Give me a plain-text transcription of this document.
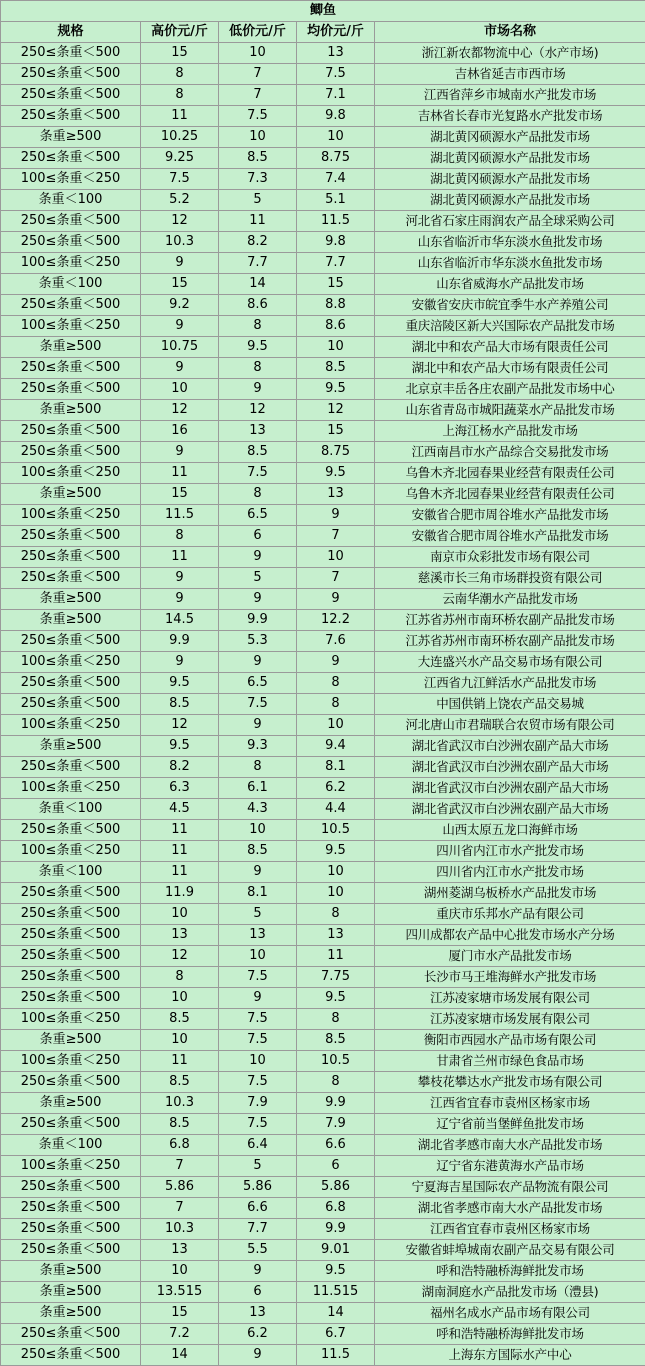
鲫鱼				
规格	高价元/斤	低价元/斤	均价元/斤	市场名称
250≤条重＜500	15	10	13	浙江新农都物流中心（水产市场)
250≤条重＜500	8	7	7.5	吉林省延吉市西市场
250≤条重＜500	8	7	7.1	江西省萍乡市城南水产批发市场
250≤条重＜500	11	7.5	9.8	吉林省长春市光复路水产批发市场
条重≥500	10.25	10	10	湖北黄冈硕源水产品批发市场
250≤条重＜500	9.25	8.5	8.75	湖北黄冈硕源水产品批发市场
100≤条重＜250	7.5	7.3	7.4	湖北黄冈硕源水产品批发市场
条重＜100	5.2	5	5.1	湖北黄冈硕源水产品批发市场
250≤条重＜500	12	11	11.5	河北省石家庄雨润农产品全球采购公司
250≤条重＜500	10.3	8.2	9.8	山东省临沂市华东淡水鱼批发市场
100≤条重＜250	9	7.7	7.7	山东省临沂市华东淡水鱼批发市场
条重＜100	15	14	15	山东省威海水产品批发市场
250≤条重＜500	9.2	8.6	8.8	安徽省安庆市皖宜季牛水产养殖公司
100≤条重＜250	9	8	8.6	重庆涪陵区新大兴国际农产品批发市场
条重≥500	10.75	9.5	10	湖北中和农产品大市场有限责任公司
250≤条重＜500	9	8	8.5	湖北中和农产品大市场有限责任公司
250≤条重＜500	10	9	9.5	北京京丰岳各庄农副产品批发市场中心
条重≥500	12	12	12	山东省青岛市城阳蔬菜水产品批发市场
250≤条重＜500	16	13	15	上海江杨水产品批发市场
250≤条重＜500	9	8.5	8.75	江西南昌市水产品综合交易批发市场
100≤条重＜250	11	7.5	9.5	乌鲁木齐北园春果业经营有限责任公司
条重≥500	15	8	13	乌鲁木齐北园春果业经营有限责任公司
100≤条重＜250	11.5	6.5	9	安徽省合肥市周谷堆水产品批发市场
250≤条重＜500	8	6	7	安徽省合肥市周谷堆水产品批发市场
250≤条重＜500	11	9	10	南京市众彩批发市场有限公司
250≤条重＜500	9	5	7	慈溪市长三角市场群投资有限公司
条重≥500	9	9	9	云南华潮水产品批发市场
条重≥500	14.5	9.9	12.2	江苏省苏州市南环桥农副产品批发市场
250≤条重＜500	9.9	5.3	7.6	江苏省苏州市南环桥农副产品批发市场
100≤条重＜250	9	9	9	大连盛兴水产品交易市场有限公司
250≤条重＜500	9.5	6.5	8	江西省九江鲜活水产品批发市场
250≤条重＜500	8.5	7.5	8	中国供销上饶农产品交易城
100≤条重＜250	12	9	10	河北唐山市君瑞联合农贸市场有限公司
条重≥500	9.5	9.3	9.4	湖北省武汉市白沙洲农副产品大市场
250≤条重＜500	8.2	8	8.1	湖北省武汉市白沙洲农副产品大市场
100≤条重＜250	6.3	6.1	6.2	湖北省武汉市白沙洲农副产品大市场
条重＜100	4.5	4.3	4.4	湖北省武汉市白沙洲农副产品大市场
250≤条重＜500	11	10	10.5	山西太原五龙口海鲜市场
100≤条重＜250	11	8.5	9.5	四川省内江市水产批发市场
条重＜100	11	9	10	四川省内江市水产批发市场
250≤条重＜500	11.9	8.1	10	湖州菱湖乌板桥水产品批发市场
250≤条重＜500	10	5	8	重庆市乐邦水产品有限公司
250≤条重＜500	13	13	13	四川成都农产品中心批发市场水产分场
250≤条重＜500	12	10	11	厦门市水产品批发市场
250≤条重＜500	8	7.5	7.75	长沙市马王堆海鲜水产批发市场
250≤条重＜500	10	9	9.5	江苏凌家塘市场发展有限公司
100≤条重＜250	8.5	7.5	8	江苏凌家塘市场发展有限公司
条重≥500	10	7.5	8.5	衡阳市西园水产品市场有限公司
100≤条重＜250	11	10	10.5	甘肃省兰州市绿色食品市场
250≤条重＜500	8.5	7.5	8	攀枝花攀达水产批发市场有限公司
条重≥500	10.3	7.9	9.9	江西省宜春市袁州区杨家市场
250≤条重＜500	8.5	7.5	7.9	辽宁省前当堡鲜鱼批发市场
条重＜100	6.8	6.4	6.6	湖北省孝感市南大水产品批发市场
100≤条重＜250	7	5	6	辽宁省东港黄海水产品市场
250≤条重＜500	5.86	5.86	5.86	宁夏海吉星国际农产品物流有限公司
250≤条重＜500	7	6.6	6.8	湖北省孝感市南大水产品批发市场
250≤条重＜500	10.3	7.7	9.9	江西省宜春市袁州区杨家市场
250≤条重＜500	13	5.5	9.01	安徽省蚌埠城南农副产品交易有限公司
条重≥500	10	9	9.5	呼和浩特融桥海鲜批发市场
条重≥500	13.515	6	11.515	湖南洞庭水产品批发市场（澧县)
条重≥500	15	13	14	福州名成水产品市场有限公司
250≤条重＜500	7.2	6.2	6.7	呼和浩特融桥海鲜批发市场
250≤条重＜500	14	9	11.5	上海东方国际水产中心
